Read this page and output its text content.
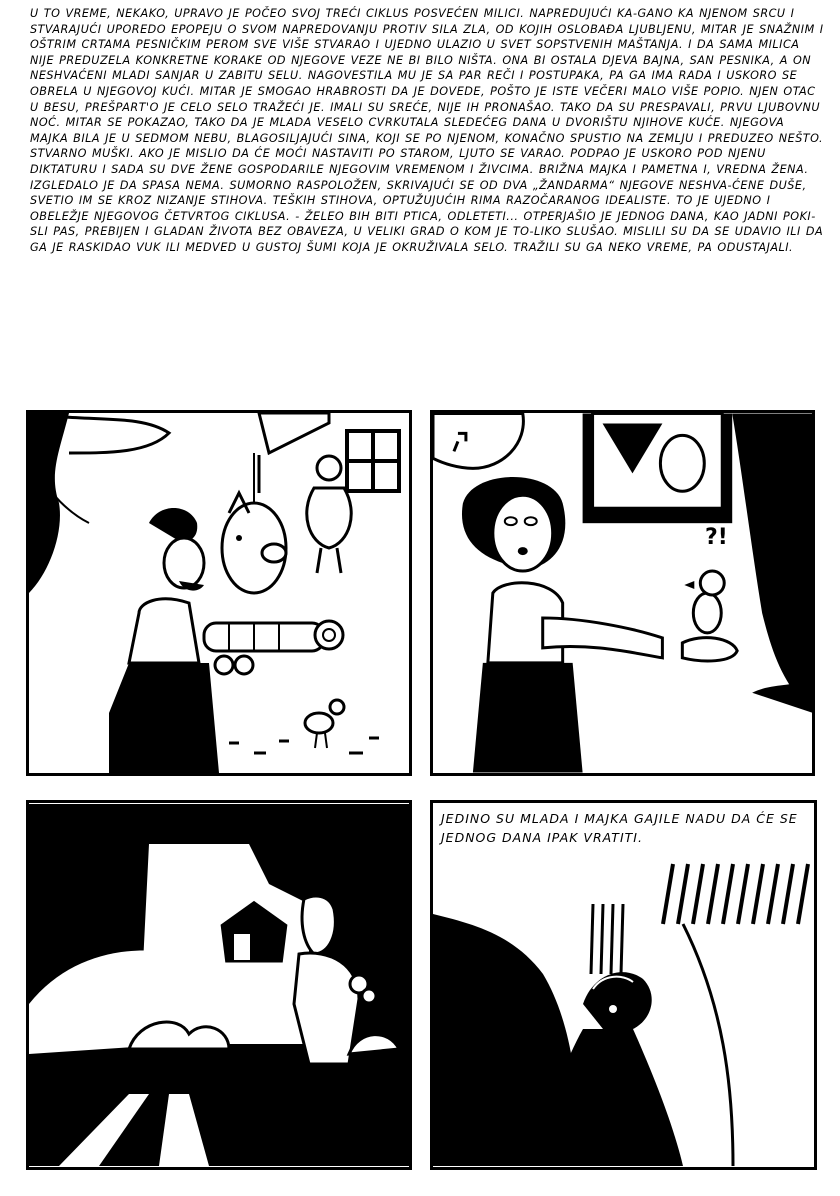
U TO VREME, NEKAKO, UPRAVO JE POČEO SVOJ TREĆI CIKLUS POSVEĆEN MILICI. NAPREDUJUĆI KA-GANO KA NJENOM SRCU I STVARAJUĆI UPOREDO EPOPEJU O SVOM NAPREDOVANJU PROTIV SILA ZLA, OD KOJIH OSLOBAĐA LJUBLJENU, MITAR JE SNAŽNIM I OŠTRIM CRTAMA PESNIČKIM PEROM SVE VIŠE STVARAO I UJEDNO ULAZIO U SVET SOPSTVENIH MAŠTANJA. I DA SAMA MILICA NIJE PREDUZELA KONKRETNE KORAKE OD NJEGOVE VEZE NE BI BILO NIŠTA. ONA BI OSTALA DJEVA BAJNA, SAN PESNIKA, A ON NESHVAĆENI MLADI SANJAR U ZABITU SELU. NAGOVESTILA MU JE SA PAR REČI I POSTUPAKA, PA GA IMA RADA I USKORO SE OBRELA U NJEGOVOJ KUĆI. MITAR JE SMOGAO HRABROSTI DA JE DOVEDE, POŠTO JE ISTE VEČERI MALO VIŠE POPIO. NJEN OTAC U BESU, PREŠPART'O JE CELO SELO TRAŽEĆI JE. IMALI SU SREĆE, NIJE IH PRONAŠAO. TAKO DA SU PRESPAVALI, PRVU LJUBOVNU NOĆ. MITAR SE POKAZAO, TAKO DA JE MLADA VESELO CVRKUTALA SLEDEĆEG DANA U DVORIŠTU NJIHOVE KUĆE. NJEGOVA MAJKA BILA JE U SEDMOM NEBU, BLAGOSILJAJUĆI SINA, KOJI SE PO NJENOM, KONAČNO SPUSTIO NA ZEMLJU I PREDUZEO NEŠTO. STVARNO MUŠKI. AKO JE MISLIO DA ĆE MOĆI NASTAVITI PO STAROM, LJUTO SE VARAO. PODPAO JE USKORO POD NJENU DIKTATURU I SADA SU DVE ŽENE GOSPODARILE NJEGOVIM VREMENOM I ŽIVCIMA. BRIŽNA MAJKA I PAMETNA I, VREDNA ŽENA. IZGLEDALO JE DA SPASA NEMA. SUMORNO RASPOLOŽEN, SKRIVAJUĆI SE OD DVA „ŽANDARMA“ NJEGOVE NESHVA-ĆENE DUŠE, SVETIO IM SE KROZ NIZANJE STIHOVA. TEŠKIH STIHOVA, OPTUŽUJUĆIH RIMA RAZOČARANOG IDEALISTE. TO JE UJEDNO I OBELEŽJE NJEGOVOG ČETVRTOG CIKLUSA. - ŽELEO BIH BITI PTICA, ODLETETI... OTPERJAŠIO JE JEDNOG DANA, KAO JADNI POKI-SLI PAS, PREBIJEN I GLADAN ŽIVOTA BEZ OBAVEZA, U VELIKI GRAD O KOM JE TO-LIKO SLUŠAO. MISLILI SU DA SE UDAVIO ILI DA GA JE RASKIDAO VUK ILI MEDVED U GUSTOJ ŠUMI KOJA JE OKRUŽIVALA SELO. TRAŽILI SU GA NEKO VREME, PA ODUSTAJALI.

?!
JEDINO SU MLADA I MAJKA GAJILE NADU DA ĆE SE JEDNOG DANA IPAK VRATITI.
